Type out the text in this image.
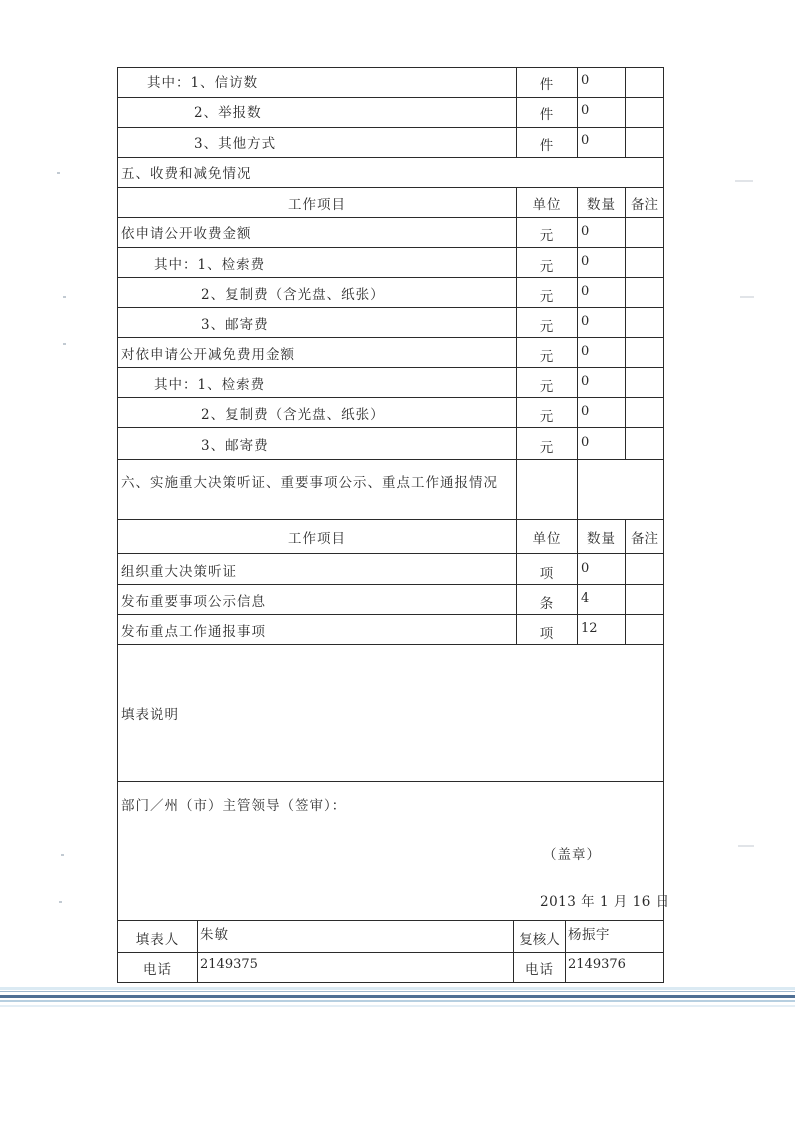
其中：1、信访数	件	0
2、举报数	件	0
3、其他方式	件	0
五、收费和减免情况
工作项目	单位	数量	备注
依申请公开收费金额	元	0
其中：1、检索费	元	0
2、复制费（含光盘、纸张）	元	0
3、邮寄费	元	0
对依申请公开减免费用金额	元	0
其中：1、检索费	元	0
2、复制费（含光盘、纸张）	元	0
3、邮寄费	元	0
六、实施重大决策听证、重要事项公示、重点工作通报情况
工作项目	单位	数量	备注
组织重大决策听证	项	0
发布重要事项公示信息	条	4
发布重点工作通报事项	项	12
填表说明
部门／州（市）主管领导（签审）：
（盖章）
2013 年 1 月 16 日
填表人	朱敏	复核人 杨振宇
电话	2149375	电话	2149376
